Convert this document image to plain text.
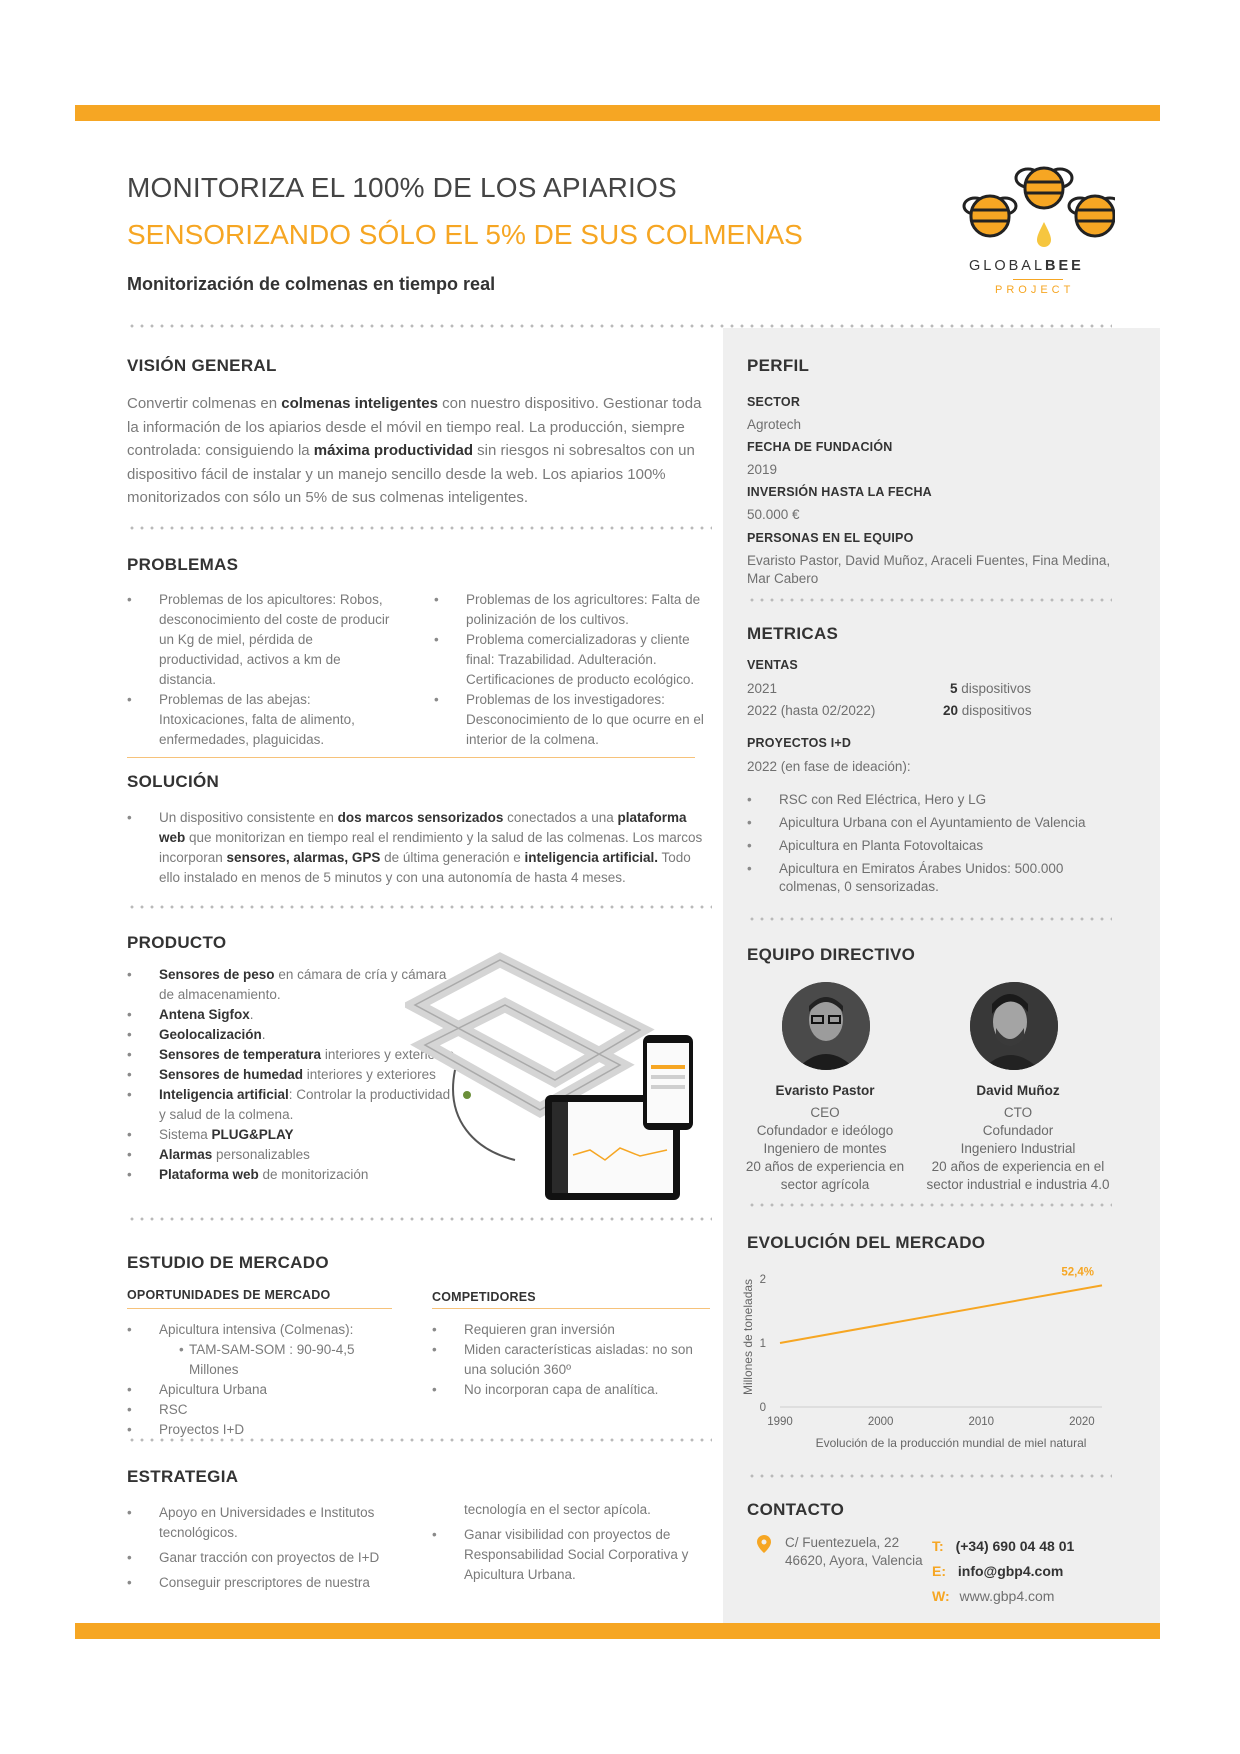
MONITORIZA EL 100% DE LOS APIARIOS
SENSORIZANDO SÓLO EL 5% DE SUS COLMENAS
Monitorización de colmenas en tiempo real
GLOBALBEE
PROJECT
VISIÓN GENERAL
Convertir colmenas en colmenas inteligentes con nuestro dispositivo. Gestionar toda la información de los apiarios desde el móvil en tiempo real. La producción, siempre controlada: consiguiendo la máxima productividad sin riesgos ni sobresaltos con un dispositivo fácil de instalar y un manejo sencillo desde la web. Los apiarios 100% monitorizados con sólo un 5% de sus colmenas inteligentes.
PROBLEMAS
• Problemas de los apicultores: Robos, desconocimiento del coste de producir un Kg de miel, pérdida de productividad, activos a km de distancia.
• Problemas de las abejas: Intoxicaciones, falta de alimento, enfermedades, plaguicidas.
• Problemas de los agricultores: Falta de polinización de los cultivos.
• Problema comercializadoras y cliente final: Trazabilidad. Adulteración. Certificaciones de producto ecológico.
• Problemas de los investigadores: Desconocimiento de lo que ocurre en el interior de la colmena.
SOLUCIÓN
• Un dispositivo consistente en dos marcos sensorizados conectados a una plataforma web que monitorizan en tiempo real el rendimiento y la salud de las colmenas. Los marcos incorporan sensores, alarmas, GPS de última generación e inteligencia artificial. Todo ello instalado en menos de 5 minutos y con una autonomía de hasta 4 meses.
PRODUCTO
• Sensores de peso en cámara de cría y cámara de almacenamiento.
• Antena Sigfox.
• Geolocalización.
• Sensores de temperatura interiores y exteriores
• Sensores de humedad interiores y exteriores
• Inteligencia artificial: Controlar la productividad y salud de la colmena.
• Sistema PLUG&PLAY
• Alarmas personalizables
• Plataforma web de monitorización
ESTUDIO DE MERCADO
OPORTUNIDADES DE MERCADO
• Apicultura intensiva (Colmenas):
• TAM-SAM-SOM : 90-90-4,5 Millones
• Apicultura Urbana
• RSC
• Proyectos I+D
COMPETIDORES
• Requieren gran inversión
• Miden características aisladas: no son una solución 360º
• No incorporan capa de analítica.
ESTRATEGIA
• Apoyo en Universidades e Institutos tecnológicos.
• Ganar tracción con proyectos de I+D
• Conseguir prescriptores de nuestra
tecnología en el sector apícola.
• Ganar visibilidad con proyectos de Responsabilidad Social Corporativa y Apicultura Urbana.
PERFIL
SECTOR
Agrotech
FECHA DE FUNDACIÓN
2019
INVERSIÓN HASTA LA FECHA
50.000 €
PERSONAS EN EL EQUIPO
Evaristo Pastor, David Muñoz, Araceli Fuentes, Fina Medina, Mar Cabero
METRICAS
VENTAS
2021	5 dispositivos
2022 (hasta 02/2022)	20 dispositivos
PROYECTOS I+D
2022 (en fase de ideación):
• RSC con Red Eléctrica, Hero y LG
• Apicultura Urbana con el Ayuntamiento de Valencia
• Apicultura en Planta Fotovoltaicas
• Apicultura en Emiratos Árabes Unidos: 500.000 colmenas, 0 sensorizadas.
EQUIPO DIRECTIVO
Evaristo Pastor
CEO
Cofundador e ideólogo
Ingeniero de montes
20 años de experiencia en
sector agrícola
David Muñoz
CTO
Cofundador
Ingeniero Industrial
20 años de experiencia en el
sector industrial e industria 4.0
EVOLUCIÓN DEL MERCADO
Millones de toneladas
0
1
2
1990	2000	2010	2020
52,4%
Evolución de la producción mundial de miel natural
CONTACTO
C/ Fuentezuela, 22
46620, Ayora, Valencia
T: (+34) 690 04 48 01
E: info@gbp4.com
W: www.gbp4.com
